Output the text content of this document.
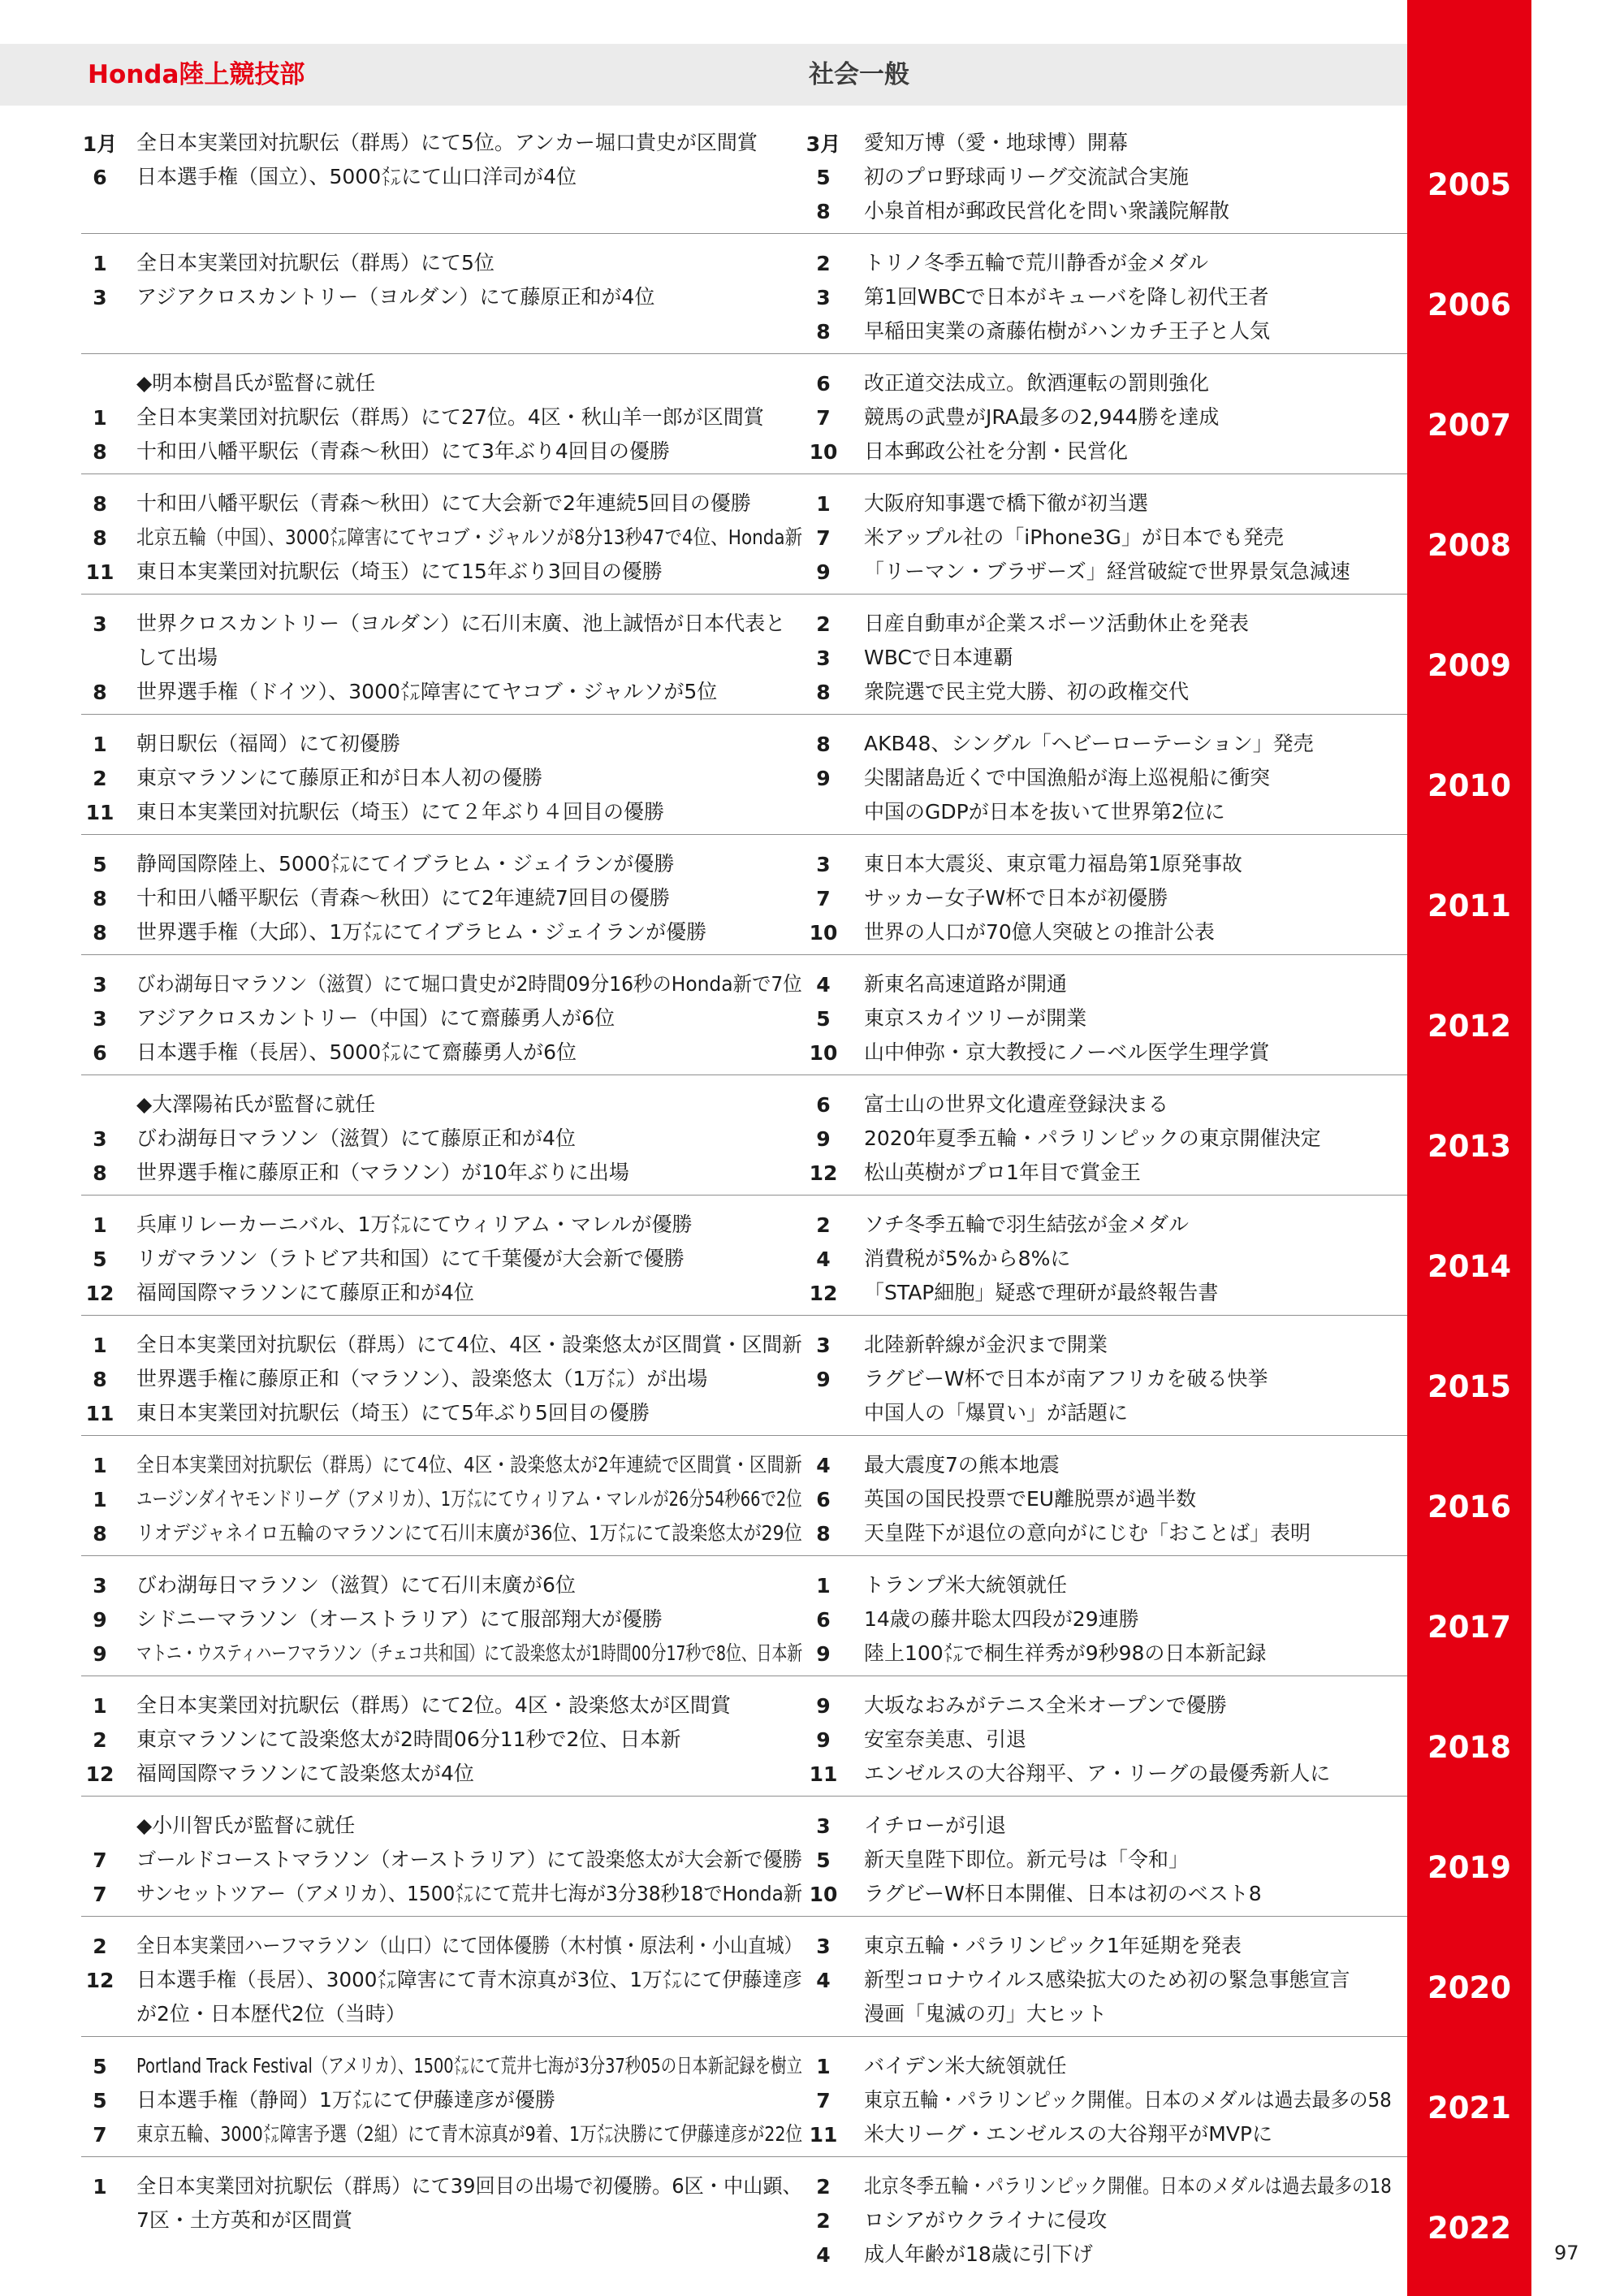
Honda陸上競技部	社会一般
2005
1月 全日本実業団対抗駅伝（群馬）にて5位。アンカー堀口貴史が区間賞
6	日本選手権（国立）、5000㍍にて山口洋司が4位
3月	愛知万博（愛・地球博）開幕
5	初のプロ野球両リーグ交流試合実施
8	小泉首相が郵政民営化を問い衆議院解散
2006
1	全日本実業団対抗駅伝（群馬）にて5位
3	アジアクロスカントリー（ヨルダン）にて藤原正和が4位
2	トリノ冬季五輪で荒川静香が金メダル
3	第1回WBCで日本がキューバを降し初代王者
8	早稲田実業の斎藤佑樹がハンカチ王子と人気
2007
◆明本樹昌氏が監督に就任
1	全日本実業団対抗駅伝（群馬）にて27位。4区・秋山羊一郎が区間賞
8	十和田八幡平駅伝（青森～秋田）にて3年ぶり4回目の優勝
6	改正道交法成立。飲酒運転の罰則強化
7	競馬の武豊がJRA最多の2,944勝を達成
10	日本郵政公社を分割・民営化
2008
8	十和田八幡平駅伝（青森～秋田）にて大会新で2年連続5回目の優勝
8	北京五輪（中国）、3000㍍障害にてヤコブ・ジャルソが8分13秒47で4位、Honda新
11	東日本実業団対抗駅伝（埼玉）にて15年ぶり3回目の優勝
1	大阪府知事選で橋下徹が初当選
7	米アップル社の「iPhone3G」が日本でも発売
9	「リーマン・ブラザーズ」経営破綻で世界景気急減速
2009
3	世界クロスカントリー（ヨルダン）に石川末廣、池上誠悟が日本代表と
して出場
8	世界選手権（ドイツ）、3000㍍障害にてヤコブ・ジャルソが5位
2	日産自動車が企業スポーツ活動休止を発表
3	WBCで日本連覇
8	衆院選で民主党大勝、初の政権交代
2010
1	朝日駅伝（福岡）にて初優勝
2	東京マラソンにて藤原正和が日本人初の優勝
11	東日本実業団対抗駅伝（埼玉）にて２年ぶり４回目の優勝
8	AKB48、シングル「ヘビーローテーション」発売
9	尖閣諸島近くで中国漁船が海上巡視船に衝突
中国のGDPが日本を抜いて世界第2位に
2011
5	静岡国際陸上、5000㍍にてイブラヒム・ジェイランが優勝
8	十和田八幡平駅伝（青森～秋田）にて2年連続7回目の優勝
8	世界選手権（大邱）、1万㍍にてイブラヒム・ジェイランが優勝
3	東日本大震災、東京電力福島第1原発事故
7	サッカー女子W杯で日本が初優勝
10	世界の人口が70億人突破との推計公表
2012
3	びわ湖毎日マラソン（滋賀）にて堀口貴史が2時間09分16秒のHonda新で7位
3	アジアクロスカントリー（中国）にて齋藤勇人が6位
6	日本選手権（長居）、5000㍍にて齋藤勇人が6位
4	新東名高速道路が開通
5	東京スカイツリーが開業
10	山中伸弥・京大教授にノーベル医学生理学賞
2013
◆大澤陽祐氏が監督に就任
3	びわ湖毎日マラソン（滋賀）にて藤原正和が4位
8	世界選手権に藤原正和（マラソン）が10年ぶりに出場
6	富士山の世界文化遺産登録決まる
9	2020年夏季五輪・パラリンピックの東京開催決定
12	松山英樹がプロ1年目で賞金王
2014
1	兵庫リレーカーニバル、1万㍍にてウィリアム・マレルが優勝
5	リガマラソン（ラトビア共和国）にて千葉優が大会新で優勝
12	福岡国際マラソンにて藤原正和が4位
2	ソチ冬季五輪で羽生結弦が金メダル
4	消費税が5%から8%に
12	「STAP細胞」疑惑で理研が最終報告書
2015
1	全日本実業団対抗駅伝（群馬）にて4位、4区・設楽悠太が区間賞・区間新
8	世界選手権に藤原正和（マラソン）、設楽悠太（1万㍍）が出場
11	東日本実業団対抗駅伝（埼玉）にて5年ぶり5回目の優勝
3	北陸新幹線が金沢まで開業
9	ラグビーW杯で日本が南アフリカを破る快挙
中国人の「爆買い」が話題に
2016
1	全日本実業団対抗駅伝（群馬）にて4位、4区・設楽悠太が2年連続で区間賞・区間新
1	ユージンダイヤモンドリーグ（アメリカ）、1万㍍にてウィリアム・マレルが26分54秒66で2位
8	リオデジャネイロ五輪のマラソンにて石川末廣が36位、1万㍍にて設楽悠太が29位
4	最大震度7の熊本地震
6	英国の国民投票でEU離脱票が過半数
8	天皇陛下が退位の意向がにじむ「おことば」表明
2017
3	びわ湖毎日マラソン（滋賀）にて石川末廣が6位
9	シドニーマラソン（オーストラリア）にて服部翔大が優勝
9	マトニ・ウスティハーフマラソン（チェコ共和国）にて設楽悠太が1時間00分17秒で8位、日本新
1	トランプ米大統領就任
6	14歳の藤井聡太四段が29連勝
9	陸上100㍍で桐生祥秀が9秒98の日本新記録
2018
1	全日本実業団対抗駅伝（群馬）にて2位。4区・設楽悠太が区間賞
2	東京マラソンにて設楽悠太が2時間06分11秒で2位、日本新
12	福岡国際マラソンにて設楽悠太が4位
9	大坂なおみがテニス全米オープンで優勝
9	安室奈美恵、引退
11	エンゼルスの大谷翔平、ア・リーグの最優秀新人に
2019
◆小川智氏が監督に就任
7	ゴールドコーストマラソン（オーストラリア）にて設楽悠太が大会新で優勝
7	サンセットツアー（アメリカ）、1500㍍にて荒井七海が3分38秒18でHonda新
3	イチローが引退
5	新天皇陛下即位。新元号は「令和」
10	ラグビーW杯日本開催、日本は初のベスト8
2020
2	全日本実業団ハーフマラソン（山口）にて団体優勝（木村慎・原法利・小山直城）
12	日本選手権（長居）、3000㍍障害にて青木涼真が3位、1万㍍にて伊藤達彦
が2位・日本歴代2位（当時）
3	東京五輪・パラリンピック1年延期を発表
4	新型コロナウイルス感染拡大のため初の緊急事態宣言
漫画「鬼滅の刃」大ヒット
2021
5	Portland Track Festival（アメリカ）、1500㍍にて荒井七海が3分37秒05の日本新記録を樹立
5	日本選手権（静岡）1万㍍にて伊藤達彦が優勝
7	東京五輪、3000㍍障害予選（2組）にて青木涼真が9着、1万㍍決勝にて伊藤達彦が22位
1	バイデン米大統領就任
7	東京五輪・パラリンピック開催。日本のメダルは過去最多の58
11	米大リーグ・エンゼルスの大谷翔平がMVPに
2022
1	全日本実業団対抗駅伝（群馬）にて39回目の出場で初優勝。6区・中山顕、
7区・土方英和が区間賞
2	北京冬季五輪・パラリンピック開催。日本のメダルは過去最多の18
2	ロシアがウクライナに侵攻
4	成人年齢が18歳に引下げ	97
